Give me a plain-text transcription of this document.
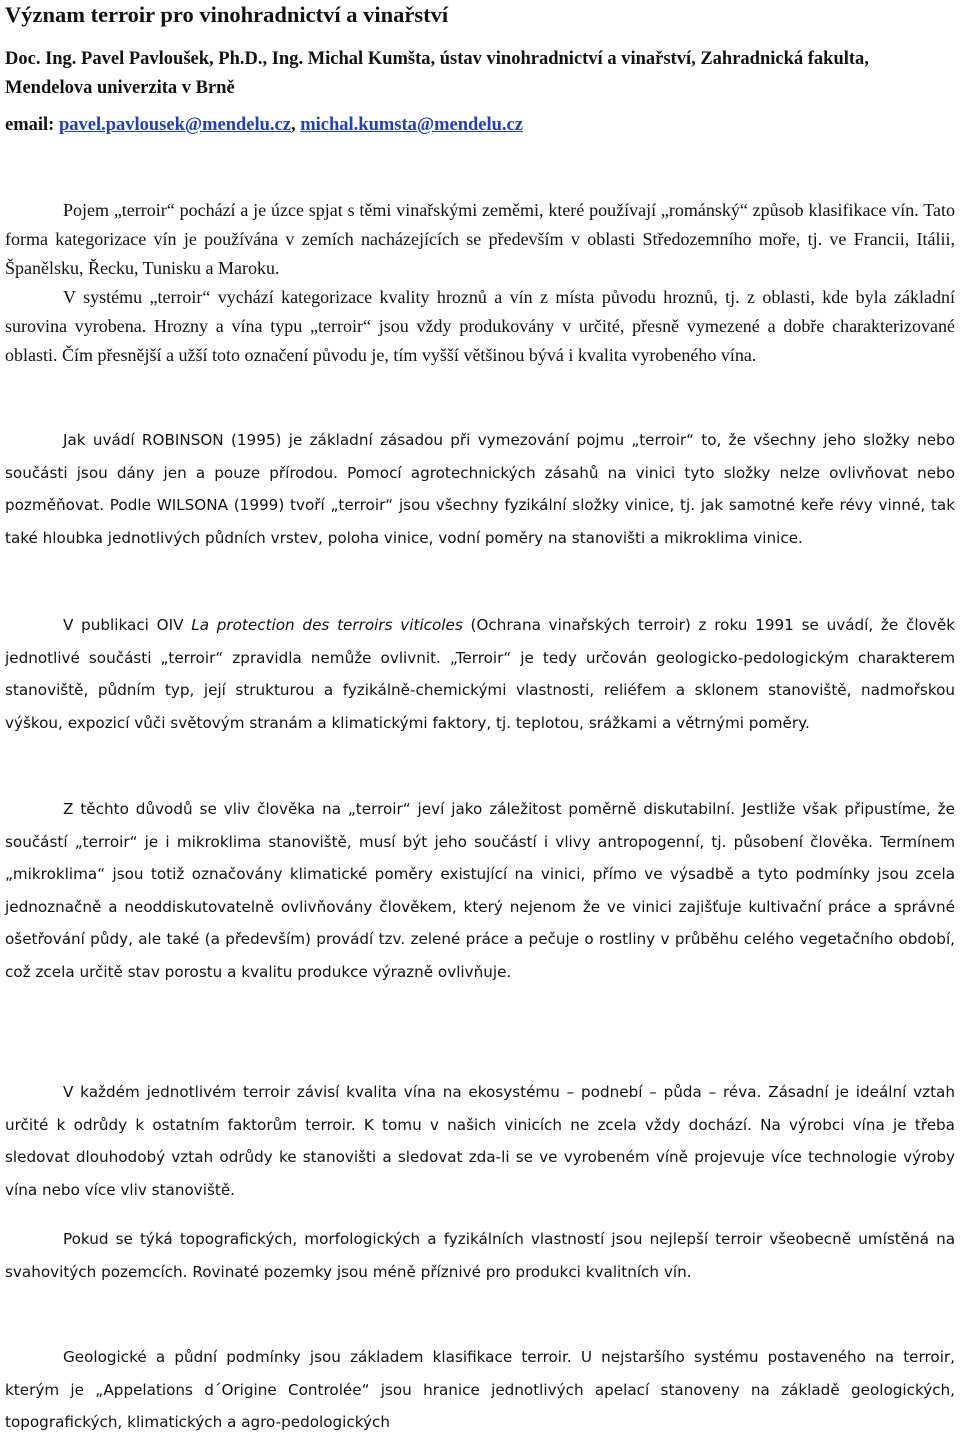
Význam terroir pro vinohradnictví a vinařství
Doc. Ing. Pavel Pavloušek, Ph.D., Ing. Michal Kumšta, ústav vinohradnictví a vinařství, Zahradnická fakulta, Mendelova univerzita v Brně
email: pavel.pavlousek@mendelu.cz, michal.kumsta@mendelu.cz

Pojem „terroir“ pochází a je úzce spjat s těmi vinařskými zeměmi, které používají „románský“ způsob klasifikace vín. Tato forma kategorizace vín je používána v zemích nacházejících se především v oblasti Středozemního moře, tj. ve Francii, Itálii, Španělsku, Řecku, Tunisku a Maroku.

V systému „terroir“ vychází kategorizace kvality hroznů a vín z místa původu hroznů, tj. z oblasti, kde byla základní surovina vyrobena. Hrozny a vína typu „terroir“ jsou vždy produkovány v určité, přesně vymezené a dobře charakterizované oblasti. Čím přesnější a užší toto označení původu je, tím vyšší většinou bývá i kvalita vyrobeného vína.

Jak uvádí ROBINSON (1995) je základní zásadou při vymezování pojmu „terroir“ to, že všechny jeho složky nebo součásti jsou dány jen a pouze přírodou. Pomocí agrotechnických zásahů na vinici tyto složky nelze ovlivňovat nebo pozměňovat. Podle WILSONA (1999) tvoří „terroir“ jsou všechny fyzikální složky vinice, tj. jak samotné keře révy vinné, tak také hloubka jednotlivých půdních vrstev, poloha vinice, vodní poměry na stanovišti a mikroklima vinice.

V publikaci OIV La protection des terroirs viticoles (Ochrana vinařských terroir) z roku 1991 se uvádí, že člověk jednotlivé součásti „terroir“ zpravidla nemůže ovlivnit. „Terroir“ je tedy určován geologicko-pedologickým charakterem stanoviště, půdním typ, její strukturou a fyzikálně-chemickými vlastnosti, reliéfem a sklonem stanoviště, nadmořskou výškou, expozicí vůči světovým stranám a klimatickými faktory, tj. teplotou, srážkami a větrnými poměry.

Z těchto důvodů se vliv člověka na „terroir“ jeví jako záležitost poměrně diskutabilní. Jestliže však připustíme, že součástí „terroir“ je i mikroklima stanoviště, musí být jeho součástí i vlivy antropogenní, tj. působení člověka. Termínem „mikroklima“ jsou totiž označovány klimatické poměry existující na vinici, přímo ve výsadbě a tyto podmínky jsou zcela jednoznačně a neoddiskutovatelně ovlivňovány člověkem, který nejenom že ve vinici zajišťuje kultivační práce a správné ošetřování půdy, ale také (a především) provádí tzv. zelené práce a pečuje o rostliny v průběhu celého vegetačního období, což zcela určitě stav porostu a kvalitu produkce výrazně ovlivňuje.

V každém jednotlivém terroir závisí kvalita vína na ekosystému – podnebí – půda – réva. Zásadní je ideální vztah určité k odrůdy k ostatním faktorům terroir. K tomu v našich vinicích ne zcela vždy dochází. Na výrobci vína je třeba sledovat dlouhodobý vztah odrůdy ke stanovišti a sledovat zda-li se ve vyrobeném víně projevuje více technologie výroby vína nebo více vliv stanoviště.

Pokud se týká topografických, morfologických a fyzikálních vlastností jsou nejlepší terroir všeobecně umístěná na svahovitých pozemcích. Rovinaté pozemky jsou méně příznivé pro produkci kvalitních vín.

Geologické a půdní podmínky jsou základem klasifikace terroir. U nejstaršího systému postaveného na terroir, kterým je „Appelations d´Origine Controlée“ jsou hranice jednotlivých apelací stanoveny na základě geologických, topografických, klimatických a agro-pedologických
